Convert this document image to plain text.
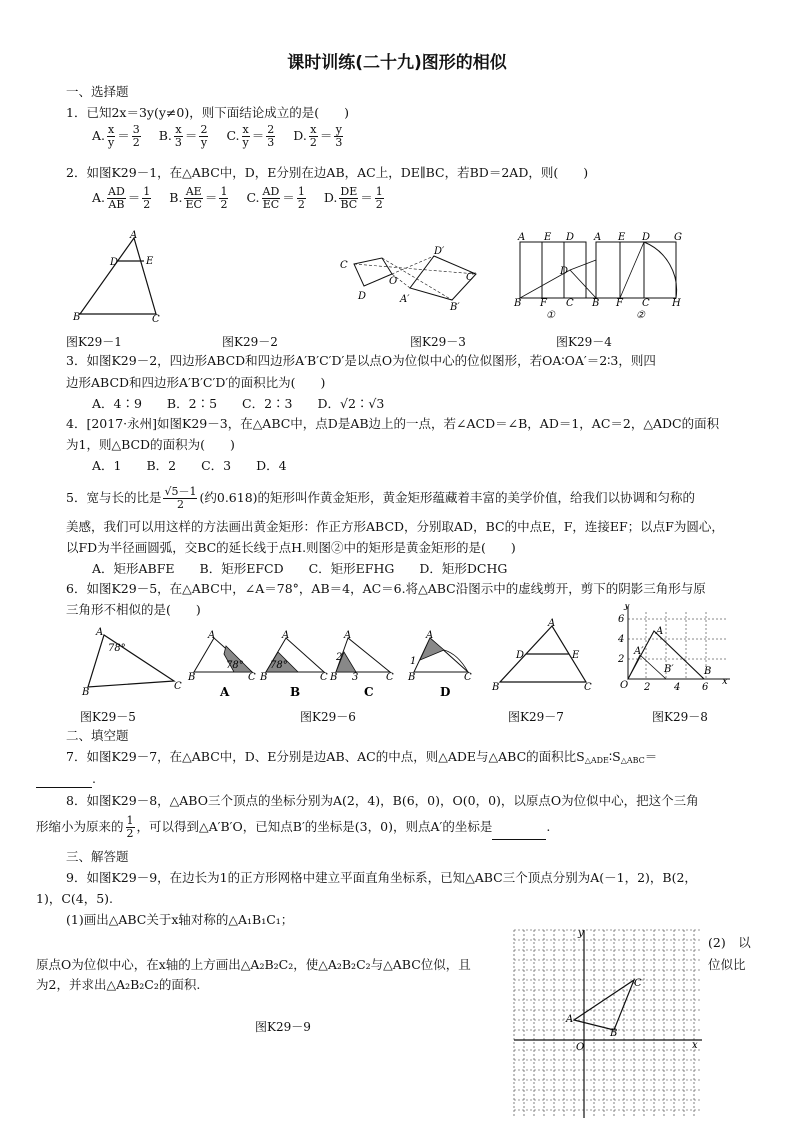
课时训练(二十九)图形的相似
一、选择题
1．已知2x＝3y(y≠0)，则下面结论成立的是(　　)
A. $\frac{x}{y} = \frac{3}{2} B$. $\frac{x}{3} = \frac{2}{y} C$. $\frac{x}{y} = \frac{2}{3} D$. $\frac{x}{2} = \frac{y}{3}$
2．如图K29－1，在△ABC中，D，E分别在边AB，AC上，DE∥BC，若BD＝2AD，则(　　)
A. $\frac{AD}{AB} = \frac{1}{2} B$. $\frac{AE}{EC} = \frac{1}{2} C$. $\frac{AD}{EC} = \frac{1}{2} D$. $\frac{DE}{BC} = \frac{1}{2}$
A
D	E
B	C
O
C
D
D′
C′
A′
B′
A E D
D
B F C
①
A E D G
B F C H
②
图K29－1	图K29－2	图K29－3	图K29－4
3．如图K29－2，四边形ABCD和四边形A′B′C′D′是以点O为位似中心的位似图形，若OA∶OA′＝2∶3，则四
边形ABCD和四边形A′B′C′D′的面积比为(　　)
A．4∶9　　B．2∶5　　C．2∶3　　D．√2∶√3
4．[2017·永州]如图K29－3，在△ABC中，点D是AB边上的一点，若∠ACD＝∠B，AD＝1，AC＝2，△ADC的面积
为1，则△BCD的面积为(　　)
A．1　　B．2　　C．3　　D．4
5．宽与长的比是 $\frac{√5-1}{2}$ (约0.618)的矩形叫作黄金矩形，黄金矩形蕴藏着丰富的美学价值，给我们以协调和匀称的
美感，我们可以用这样的方法画出黄金矩形：作正方形ABCD，分别取AD，BC的中点E，F，连接EF；以点F为圆心，
以FD为半径画圆弧，交BC的延长线于点H.则图②中的矩形是黄金矩形的是(　　)
A．矩形ABFE　　B．矩形EFCD　　C．矩形EFHG　　D．矩形DCHG
6．如图K29－5，在△ABC中，∠A＝78°，AB＝4，AC＝6.将△ABC沿图示中的虚线剪开，剪下的阴影三角形与原
三角形不相似的是(　　)
A
78°
B
C
A
78°
B	C
A
A
78°
B	C
B
A
2
B 3	C
C
A
1
B	C
D
A
D	E
B	C
A
A′
B′	B
O 2 4 6
2
4
6
y
x
图K29－5	图K29－6	图K29－7	图K29－8
二、填空题
7．如图K29－7，在△ABC中，D、E分别是边AB、AC的中点，则△ADE与△ABC的面积比$S_{\triangle ADE}∶S_{\triangle ABC}=$
.
8．如图K29－8，△ABO三个顶点的坐标分别为A(2，4)，B(6，0)，O(0，0)，以原点O为位似中心，把这个三角
形缩小为原来的 $\frac{1}{2}$ ，可以得到△A′B′O，已知点B′的坐标是(3，0)，则点A′的坐标是	.
三、解答题
9．如图K29－9，在边长为1的正方形网格中建立平面直角坐标系，已知△ABC三个顶点分别为A(－1，2)，B(2，
1)，C(4，5).
(1)画出△ABC关于x轴对称的△A₁B₁C₁；
(2)　以
原点O为位似中心，在x轴的上方画出△A₂B₂C₂，使△A₂B₂C₂与△ABC位似，且	位似比
为2，并求出△A₂B₂C₂的面积.
图K29－9
A
B
C
O
y
x
